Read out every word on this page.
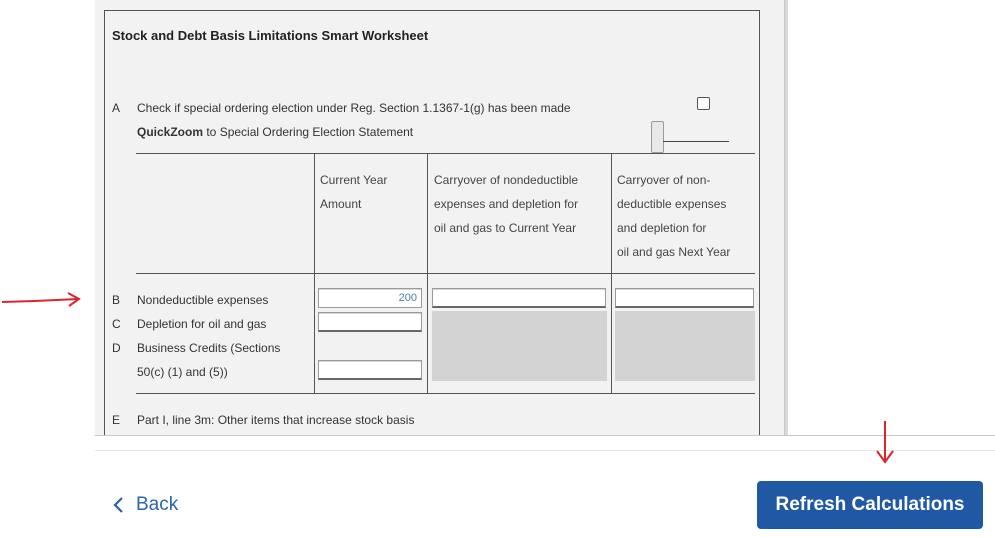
Stock and Debt Basis Limitations Smart Worksheet
A Check if special ordering election under Reg. Section 1.1367-1(g) has been made
QuickZoom to Special Ordering Election Statement
Current Year
Amount
Carryover of nondeductible
expenses and depletion for
oil and gas to Current Year
Carryover of non-
deductible expenses
and depletion for
oil and gas Next Year
B Nondeductible expenses	200
C Depletion for oil and gas
D Business Credits (Sections
50(c) (1) and (5))
E Part I, line 3m: Other items that increase stock basis
Back	Refresh Calculations
